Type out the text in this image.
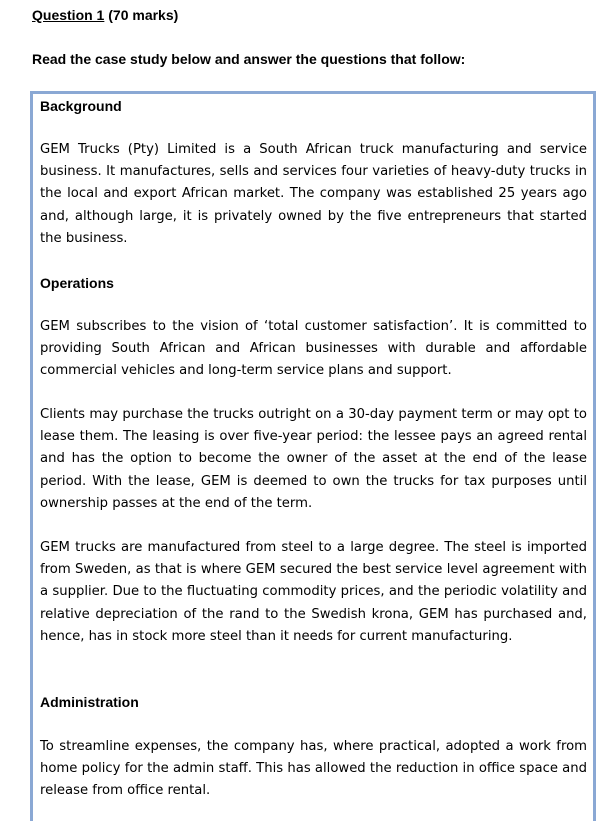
Question 1 (70 marks)
Read the case study below and answer the questions that follow:
Background
GEM Trucks (Pty) Limited is a South African truck manufacturing and service business. It manufactures, sells and services four varieties of heavy-duty trucks in the local and export African market. The company was established 25 years ago and, although large, it is privately owned by the five entrepreneurs that started the business.
Operations
GEM subscribes to the vision of ‘total customer satisfaction’. It is committed to providing South African and African businesses with durable and affordable commercial vehicles and long-term service plans and support.
Clients may purchase the trucks outright on a 30-day payment term or may opt to lease them. The leasing is over five-year period: the lessee pays an agreed rental and has the option to become the owner of the asset at the end of the lease period. With the lease, GEM is deemed to own the trucks for tax purposes until ownership passes at the end of the term.
GEM trucks are manufactured from steel to a large degree. The steel is imported from Sweden, as that is where GEM secured the best service level agreement with a supplier. Due to the fluctuating commodity prices, and the periodic volatility and relative depreciation of the rand to the Swedish krona, GEM has purchased and, hence, has in stock more steel than it needs for current manufacturing.
Administration
To streamline expenses, the company has, where practical, adopted a work from home policy for the admin staff. This has allowed the reduction in office space and release from office rental.
